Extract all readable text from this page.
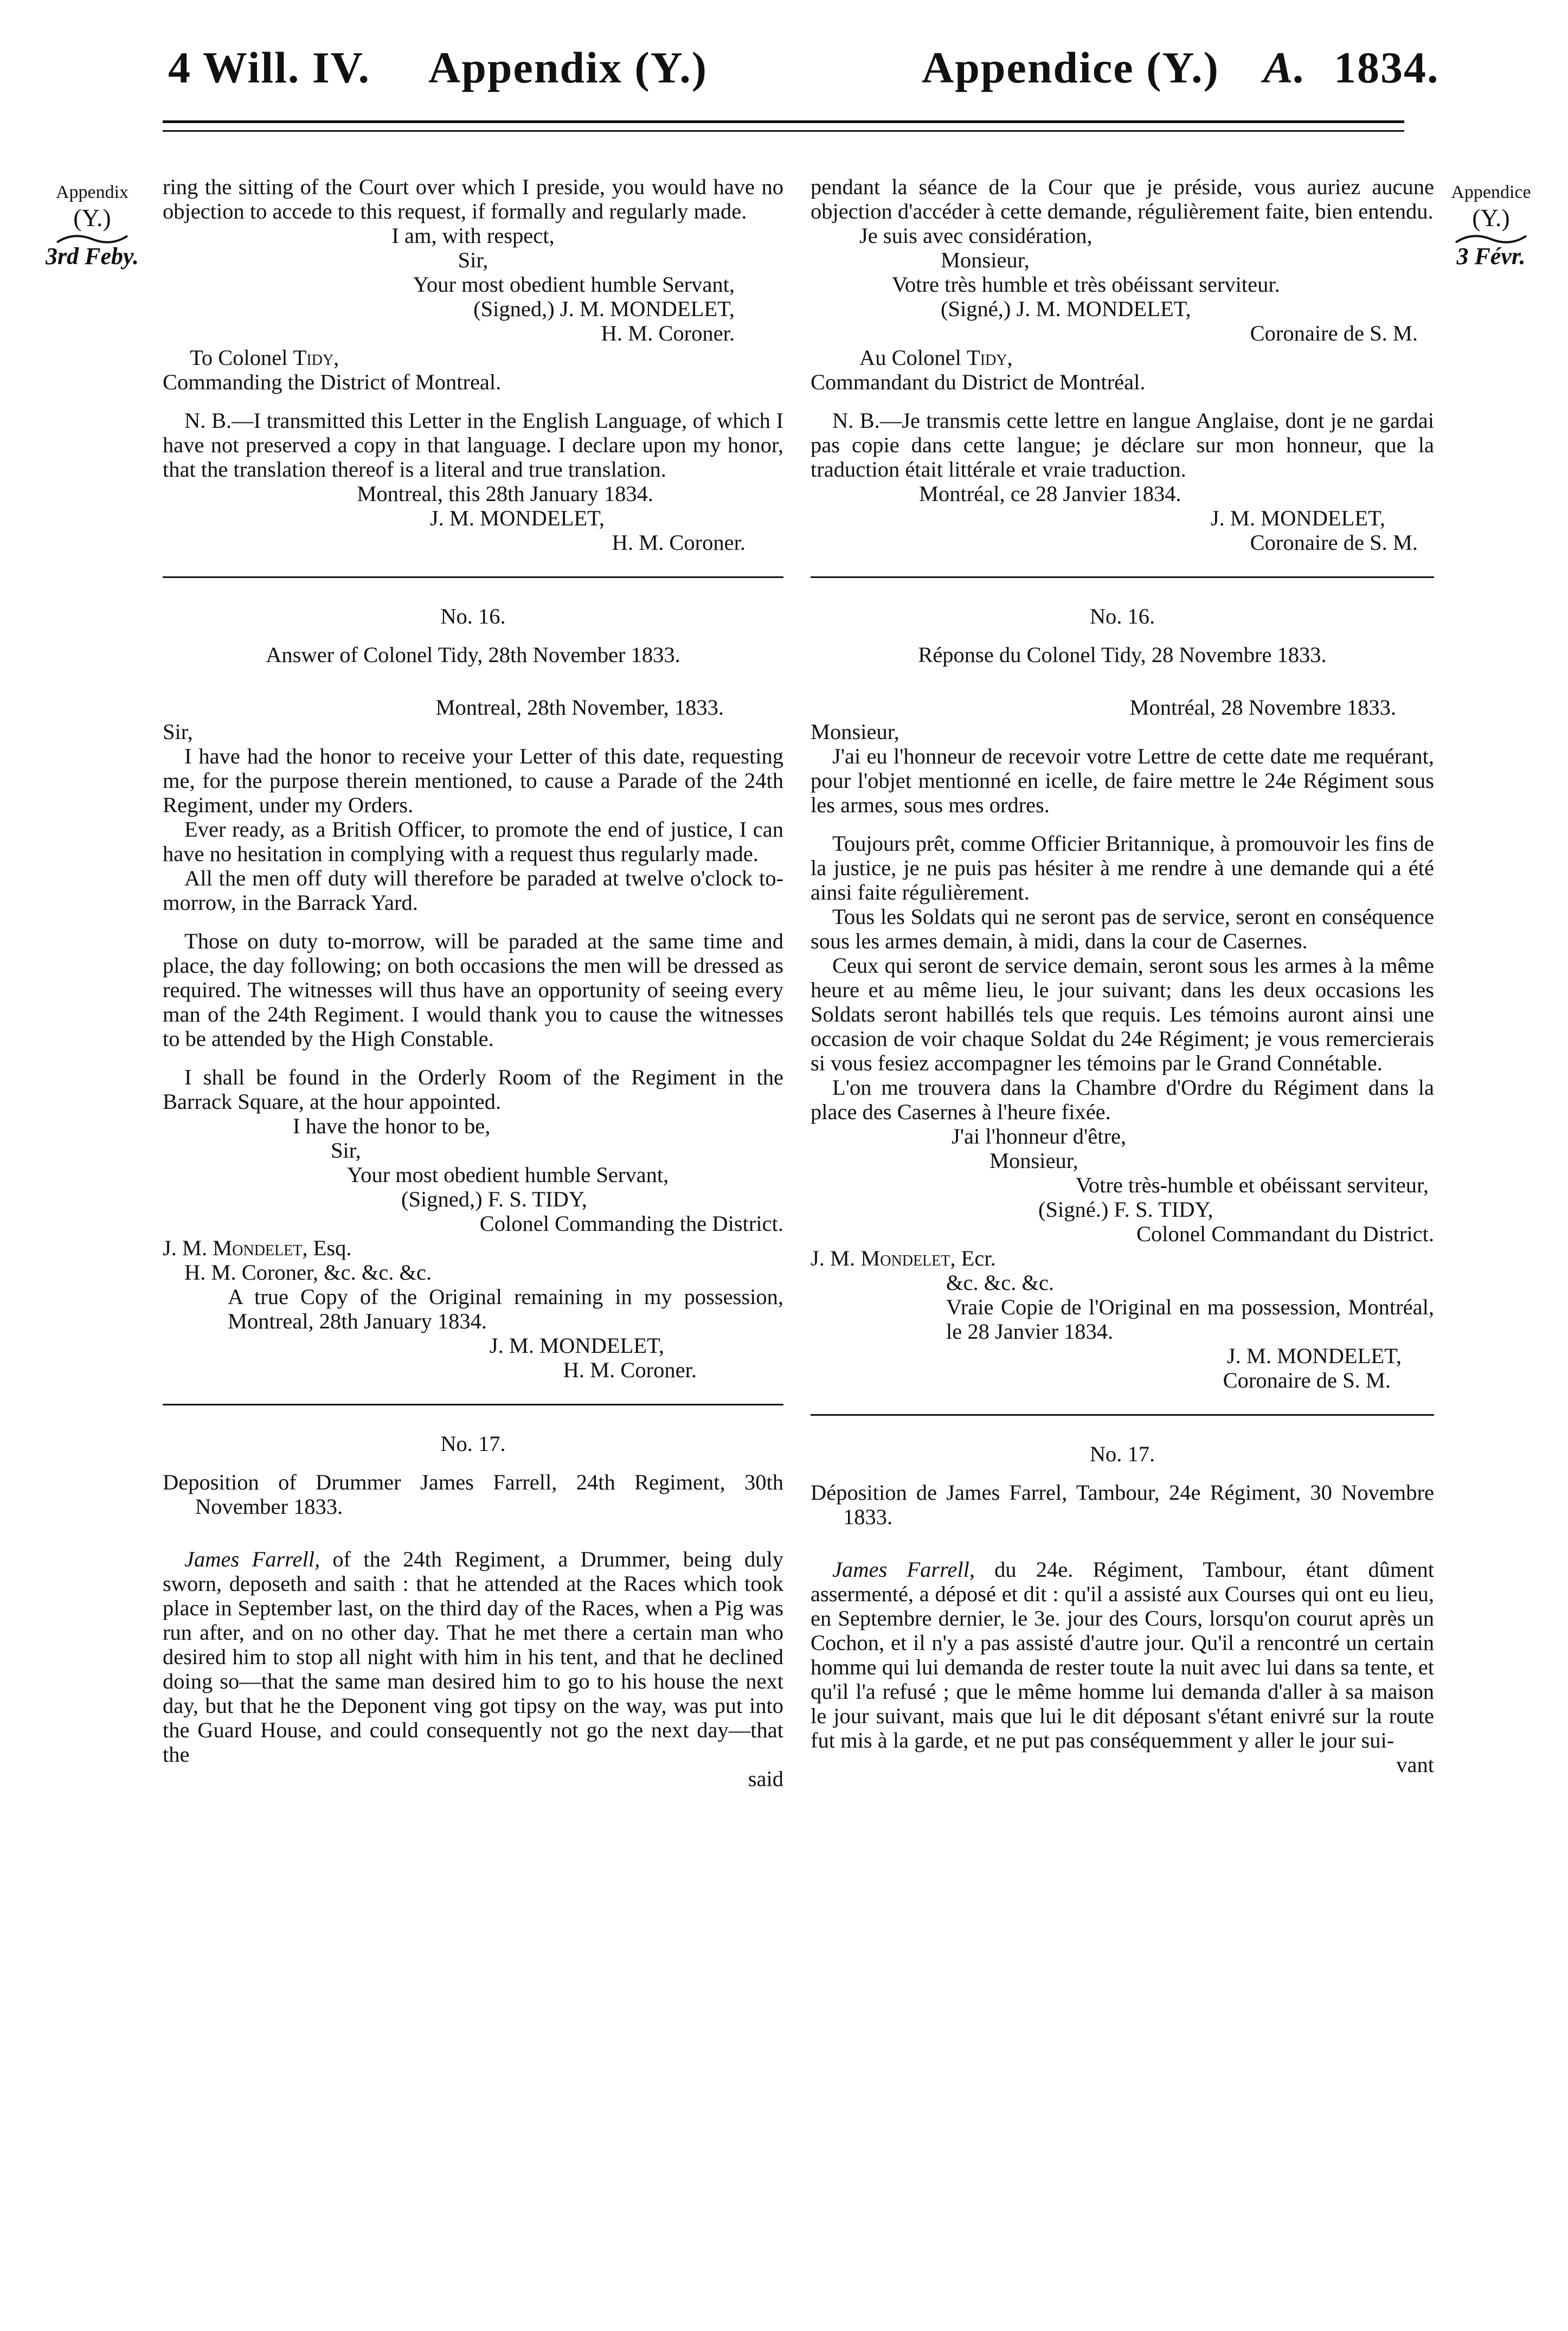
4 Will. IV. Appendix (Y.)	Appendice (Y.) A. 1834.
Appendix
(Y.)
3rd Feby.
Appendice
(Y.)
3 Févr.

ring the sitting of the Court over which I preside, you would have no objection to accede to this request, if formally and regularly made.

I am, with respect,

Sir,

Your most obedient humble Servant,

(Signed,) J. M. MONDELET,

H. M. Coroner.

To Colonel Tidy,

Commanding the District of Montreal.

N. B.—I transmitted this Letter in the English Language, of which I have not preserved a copy in that language. I declare upon my honor, that the translation thereof is a literal and true translation.

Montreal, this 28th January 1834.

J. M. MONDELET,

H. M. Coroner.

No. 16.

Answer of Colonel Tidy, 28th November 1833.

Montreal, 28th November, 1833.

Sir,

I have had the honor to receive your Letter of this date, requesting me, for the purpose therein mentioned, to cause a Parade of the 24th Regiment, under my Orders.

Ever ready, as a British Officer, to promote the end of justice, I can have no hesitation in complying with a request thus regularly made.

All the men off duty will therefore be paraded at twelve o'clock to-morrow, in the Barrack Yard.

Those on duty to-morrow, will be paraded at the same time and place, the day following; on both occasions the men will be dressed as required. The witnesses will thus have an opportunity of seeing every man of the 24th Regiment. I would thank you to cause the witnesses to be attended by the High Constable.

I shall be found in the Orderly Room of the Regiment in the Barrack Square, at the hour appointed.

I have the honor to be,

Sir,

Your most obedient humble Servant,

(Signed,) F. S. TIDY,

Colonel Commanding the District.

J. M. Mondelet, Esq.

H. M. Coroner, &c. &c. &c.

A true Copy of the Original remaining in my possession, Montreal, 28th January 1834.

J. M. MONDELET,

H. M. Coroner.

No. 17.

Deposition of Drummer James Farrell, 24th Regiment, 30th November 1833.

James Farrell, of the 24th Regiment, a Drummer, being duly sworn, deposeth and saith : that he attended at the Races which took place in September last, on the third day of the Races, when a Pig was run after, and on no other day. That he met there a certain man who desired him to stop all night with him in his tent, and that he declined doing so—that the same man desired him to go to his house the next day, but that he the Deponent ving got tipsy on the way, was put into the Guard House, and could consequently not go the next day—that the

said

pendant la séance de la Cour que je préside, vous auriez aucune objection d'accéder à cette demande, régulièrement faite, bien entendu.

Je suis avec considération,

Monsieur,

Votre très humble et très obéissant serviteur.

(Signé,) J. M. MONDELET,

Coronaire de S. M.

Au Colonel Tidy,

Commandant du District de Montréal.

N. B.—Je transmis cette lettre en langue Anglaise, dont je ne gardai pas copie dans cette langue; je déclare sur mon honneur, que la traduction était littérale et vraie traduction.

Montréal, ce 28 Janvier 1834.

J. M. MONDELET,

Coronaire de S. M.

No. 16.

Réponse du Colonel Tidy, 28 Novembre 1833.

Montréal, 28 Novembre 1833.

Monsieur,

J'ai eu l'honneur de recevoir votre Lettre de cette date me requérant, pour l'objet mentionné en icelle, de faire mettre le 24e Régiment sous les armes, sous mes ordres.

Toujours prêt, comme Officier Britannique, à promouvoir les fins de la justice, je ne puis pas hésiter à me rendre à une demande qui a été ainsi faite régulièrement.

Tous les Soldats qui ne seront pas de service, seront en conséquence sous les armes demain, à midi, dans la cour de Casernes.

Ceux qui seront de service demain, seront sous les armes à la même heure et au même lieu, le jour suivant; dans les deux occasions les Soldats seront habillés tels que requis. Les témoins auront ainsi une occasion de voir chaque Soldat du 24e Régiment; je vous remercierais si vous fesiez accompagner les témoins par le Grand Connétable.

L'on me trouvera dans la Chambre d'Ordre du Régiment dans la place des Casernes à l'heure fixée.

J'ai l'honneur d'être,

Monsieur,

Votre très-humble et obéissant serviteur,

(Signé.) F. S. TIDY,

Colonel Commandant du District.

J. M. Mondelet, Ecr.

&c. &c. &c.

Vraie Copie de l'Original en ma possession, Montréal, le 28 Janvier 1834.

J. M. MONDELET,

Coronaire de S. M.

No. 17.

Déposition de James Farrel, Tambour, 24e Régiment, 30 Novembre 1833.

James Farrell, du 24e. Régiment, Tambour, étant dûment assermenté, a déposé et dit : qu'il a assisté aux Courses qui ont eu lieu, en Septembre dernier, le 3e. jour des Cours, lorsqu'on courut après un Cochon, et il n'y a pas assisté d'autre jour. Qu'il a rencontré un certain homme qui lui demanda de rester toute la nuit avec lui dans sa tente, et qu'il l'a refusé ; que le même homme lui demanda d'aller à sa maison le jour suivant, mais que lui le dit déposant s'étant enivré sur la route fut mis à la garde, et ne put pas conséquemment y aller le jour sui-

vant
